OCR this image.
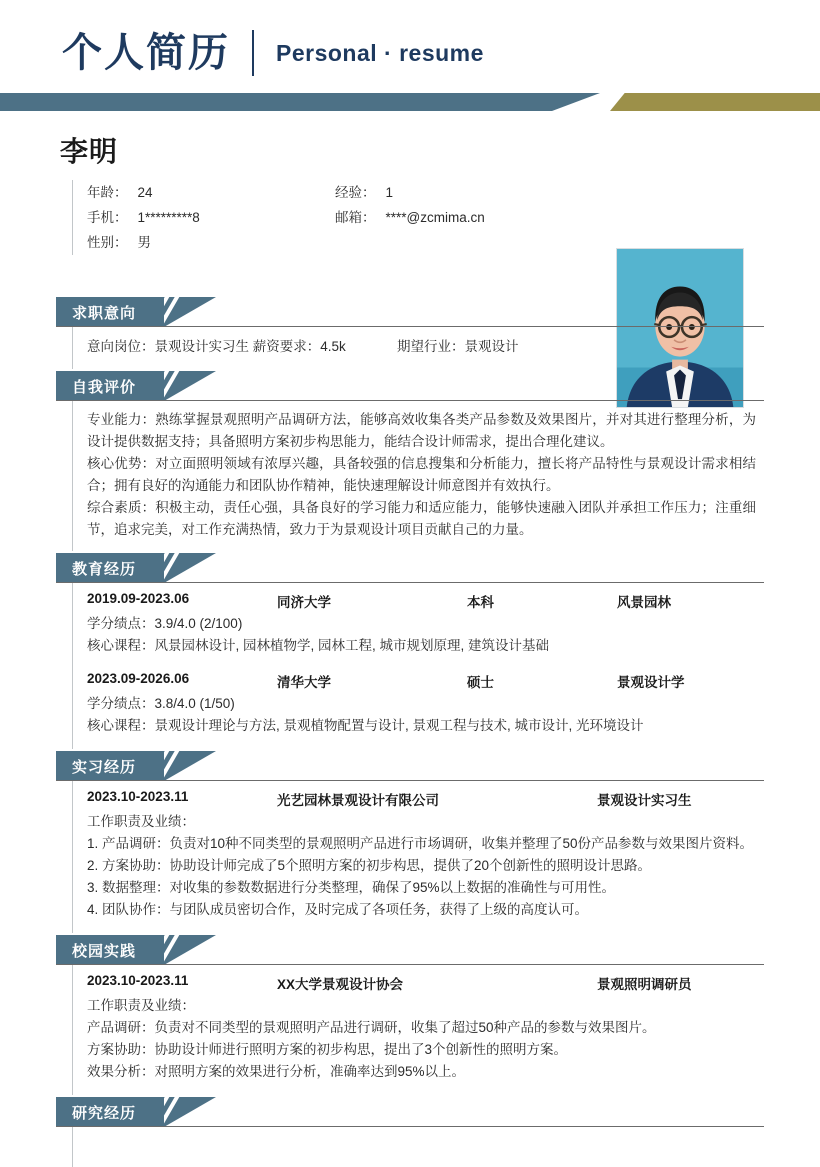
个人简历 Personal · resume
李明
年龄： 24	经验： 1
手机： 1*********8	邮箱： ****@zcmima.cn
性别： 男
求职意向
意向岗位：景观设计实习生 薪资要求：4.5k	期望行业：景观设计
自我评价
专业能力：熟练掌握景观照明产品调研方法，能够高效收集各类产品参数及效果图片，并对其进行整理分析，为设计提供数据支持；具备照明方案初步构思能力，能结合设计师需求，提出合理化建议。
核心优势：对立面照明领域有浓厚兴趣，具备较强的信息搜集和分析能力，擅长将产品特性与景观设计需求相结合；拥有良好的沟通能力和团队协作精神，能快速理解设计师意图并有效执行。
综合素质：积极主动，责任心强，具备良好的学习能力和适应能力，能够快速融入团队并承担工作压力；注重细节，追求完美，对工作充满热情，致力于为景观设计项目贡献自己的力量。
教育经历
2019.09-2023.06	同济大学	本科	风景园林
学分绩点：3.9/4.0 (2/100)
核心课程：风景园林设计, 园林植物学, 园林工程, 城市规划原理, 建筑设计基础
2023.09-2026.06	清华大学	硕士	景观设计学
学分绩点：3.8/4.0 (1/50)
核心课程：景观设计理论与方法, 景观植物配置与设计, 景观工程与技术, 城市设计, 光环境设计
实习经历
2023.10-2023.11	光艺园林景观设计有限公司	景观设计实习生
工作职责及业绩：
1. 产品调研：负责对10种不同类型的景观照明产品进行市场调研，收集并整理了50份产品参数与效果图片资料。
2. 方案协助：协助设计师完成了5个照明方案的初步构思，提供了20个创新性的照明设计思路。
3. 数据整理：对收集的参数数据进行分类整理，确保了95%以上数据的准确性与可用性。
4. 团队协作：与团队成员密切合作，及时完成了各项任务，获得了上级的高度认可。
校园实践
2023.10-2023.11	XX大学景观设计协会	景观照明调研员
工作职责及业绩：
产品调研：负责对不同类型的景观照明产品进行调研，收集了超过50种产品的参数与效果图片。
方案协助：协助设计师进行照明方案的初步构思，提出了3个创新性的照明方案。
效果分析：对照明方案的效果进行分析，准确率达到95%以上。
研究经历
